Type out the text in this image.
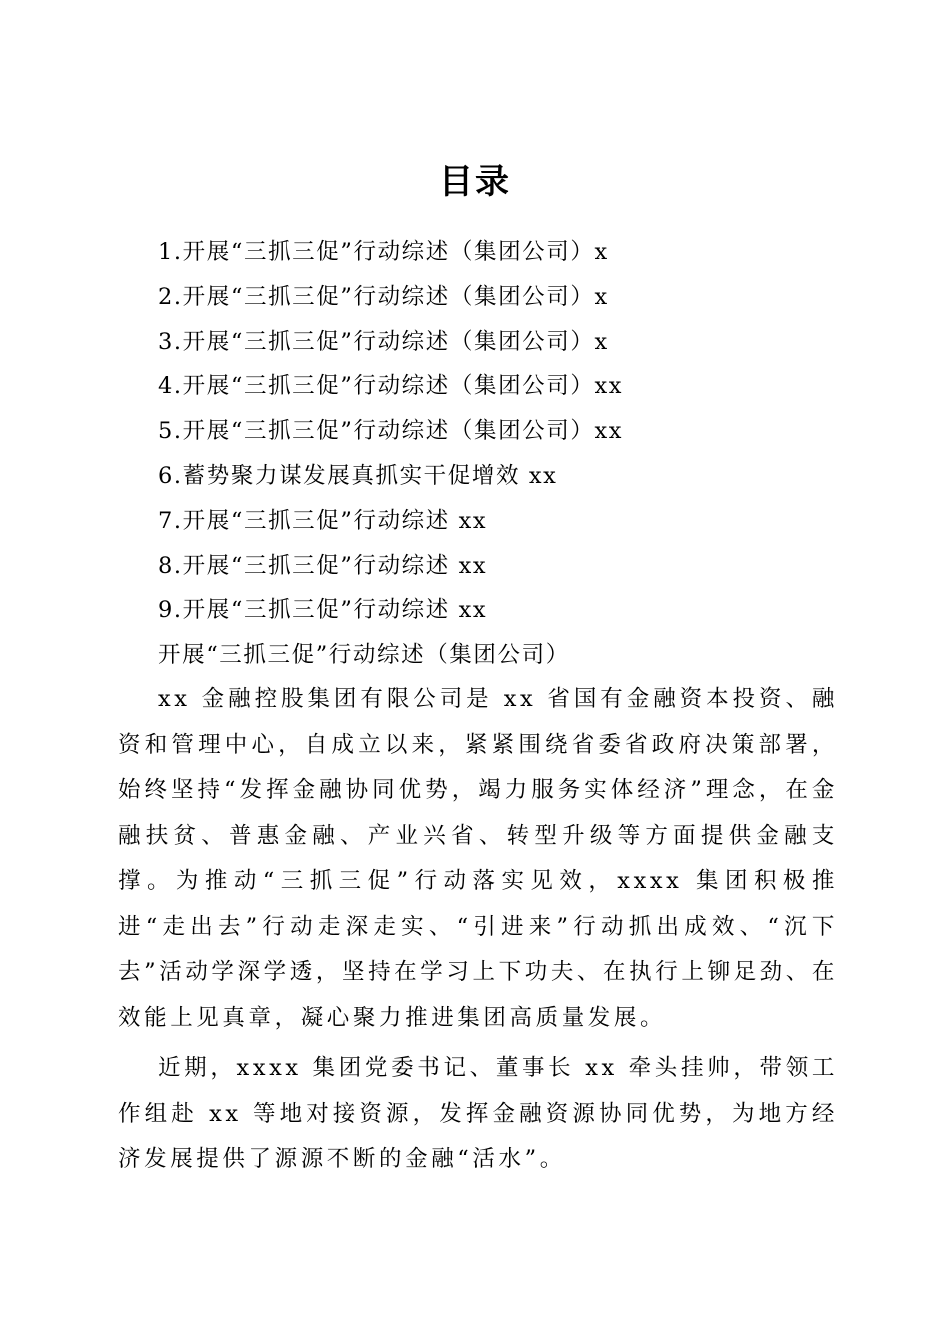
目录
1.开展“三抓三促”行动综述（集团公司）x
2.开展“三抓三促”行动综述（集团公司）x
3.开展“三抓三促”行动综述（集团公司）x
4.开展“三抓三促”行动综述（集团公司）xx
5.开展“三抓三促”行动综述（集团公司）xx
6.蓄势聚力谋发展真抓实干促增效 xx
7.开展“三抓三促”行动综述 xx
8.开展“三抓三促”行动综述 xx
9.开展“三抓三促”行动综述 xx
开展“三抓三促”行动综述（集团公司）

xx 金融控股集团有限公司是 xx 省国有金融资本投资、融资和管理中心，自成立以来，紧紧围绕省委省政府决策部署，始终坚持“发挥金融协同优势，竭力服务实体经济”理念，在金融扶贫、普惠金融、产业兴省、转型升级等方面提供金融支撑。为推动“三抓三促”行动落实见效，xxxx 集团积极推进“走出去”行动走深走实、“引进来”行动抓出成效、“沉下去”活动学深学透，坚持在学习上下功夫、在执行上铆足劲、在效能上见真章，凝心聚力推进集团高质量发展。

近期，xxxx 集团党委书记、董事长 xx 牵头挂帅，带领工作组赴 xx 等地对接资源，发挥金融资源协同优势，为地方经济发展提供了源源不断的金融“活水”。
